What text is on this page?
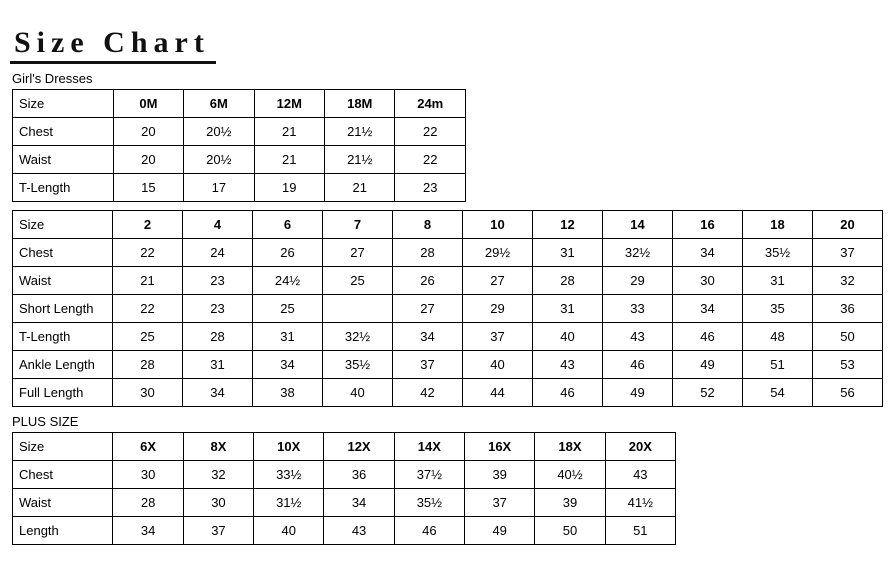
Size Chart
Girl's Dresses
Size	0M	6M	12M	18M	24m
Chest	20	20½	21	21½	22
Waist	20	20½	21	21½	22
T-Length	15	17	19	21	23
Size	2	4	6	7	8	10	12	14	16	18	20
Chest	22	24	26	27	28	29½	31	32½	34	35½	37
Waist	21	23	24½	25	26	27	28	29	30	31	32
Short Length	22	23	25		27	29	31	33	34	35	36
T-Length	25	28	31	32½	34	37	40	43	46	48	50
Ankle Length	28	31	34	35½	37	40	43	46	49	51	53
Full Length	30	34	38	40	42	44	46	49	52	54	56
PLUS SIZE
Size	6X	8X	10X	12X	14X	16X	18X	20X
Chest	30	32	33½	36	37½	39	40½	43
Waist	28	30	31½	34	35½	37	39	41½
Length	34	37	40	43	46	49	50	51
